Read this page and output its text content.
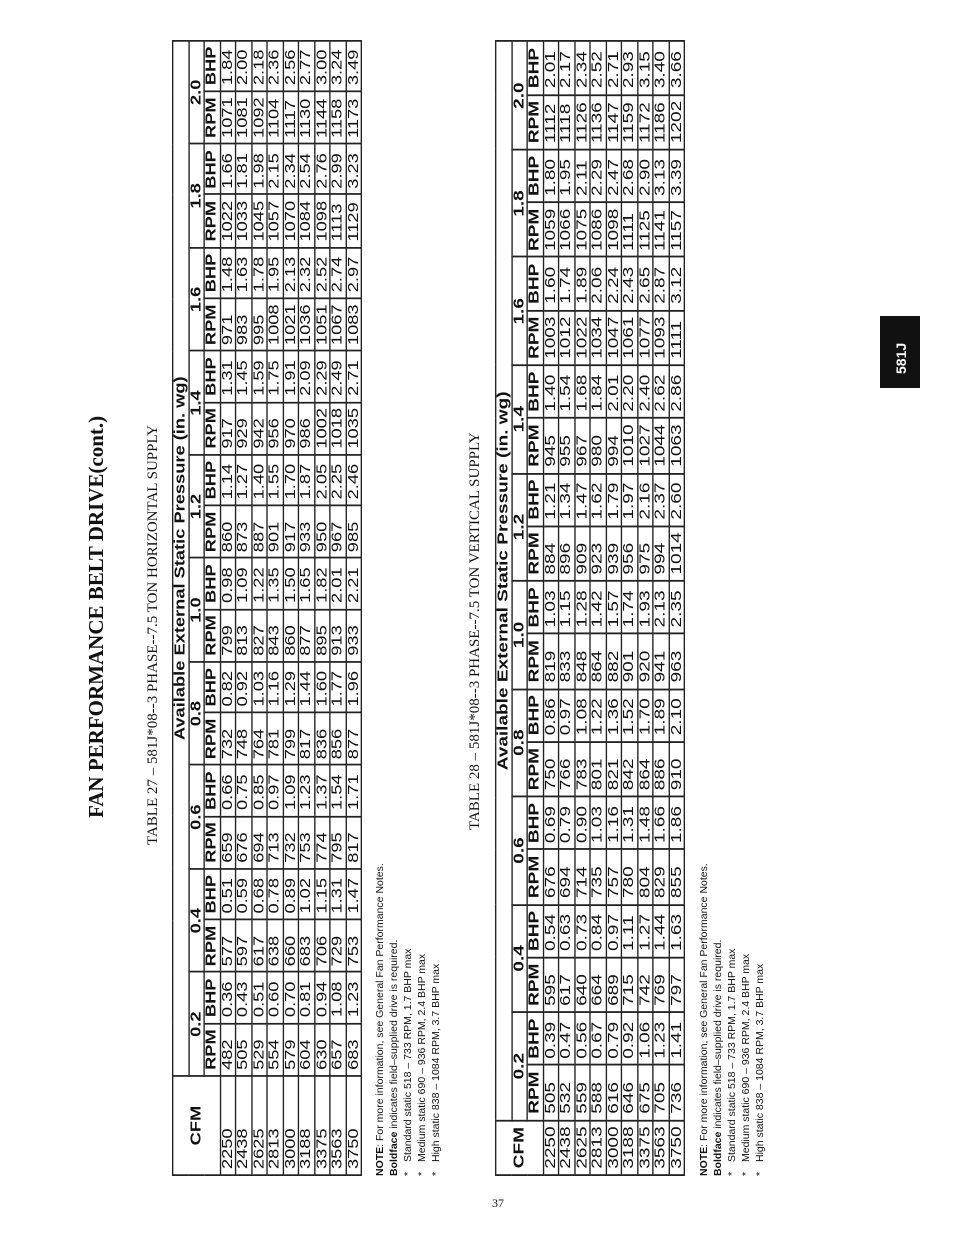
FAN PERFORMANCE BELT DRIVE(cont.) TABLE 27 – 581J*08--3 PHASE--7.5 TON HORIZONTAL SUPPLY
CFM	Available External Static Pressure (in. wg)																			
	0.2		0.4		0.6		0.8		1.0		1.2		1.4		1.6		1.8		2.0	
	RPM	BHP	RPM	BHP	RPM	BHP	RPM	BHP	RPM	BHP	RPM	BHP	RPM	BHP	RPM	BHP	RPM	BHP	RPM	BHP
2250	482	0.36	577	0.51	659	0.66	732	0.82	799	0.98	860	1.14	917	1.31	971	1.48	1022	1.66	1071	1.84
2438	505	0.43	597	0.59	676	0.75	748	0.92	813	1.09	873	1.27	929	1.45	983	1.63	1033	1.81	1081	2.00
2625	529	0.51	617	0.68	694	0.85	764	1.03	827	1.22	887	1.40	942	1.59	995	1.78	1045	1.98	1092	2.18
2813	554	0.60	638	0.78	713	0.97	781	1.16	843	1.35	901	1.55	956	1.75	1008	1.95	1057	2.15	1104	2.36
3000	579	0.70	660	0.89	732	1.09	799	1.29	860	1.50	917	1.70	970	1.91	1021	2.13	1070	2.34	1117	2.56
3188	604	0.81	683	1.02	753	1.23	817	1.44	877	1.65	933	1.87	986	2.09	1036	2.32	1084	2.54	1130	2.77
3375	630	0.94	706	1.15	774	1.37	836	1.60	895	1.82	950	2.05	1002	2.29	1051	2.52	1098	2.76	1144	3.00
3563	657	1.08	729	1.31	795	1.54	856	1.77	913	2.01	967	2.25	1018	2.49	1067	2.74	1113	2.99	1158	3.24
3750	683	1.23	753	1.47	817	1.71	877	1.96	933	2.21	985	2.46	1035	2.71	1083	2.97	1129	3.23	1173	3.49
NOTE: For more information, see General Fan Performance Notes.
Boldface indicates field–supplied drive is required.
*Standard static 518 – 733 RPM, 1.7 BHP max
*Medium static 690 – 936 RPM, 2.4 BHP max
*High static 838 – 1084 RPM, 3.7 BHP max
TABLE 28 – 581J*08--3 PHASE--7.5 TON VERTICAL SUPPLY
CFM	Available External Static Pressure (in. wg)																			
	0.2		0.4		0.6		0.8		1.0		1.2		1.4		1.6		1.8		2.0	
	RPM	BHP	RPM	BHP	RPM	BHP	RPM	BHP	RPM	BHP	RPM	BHP	RPM	BHP	RPM	BHP	RPM	BHP	RPM	BHP
2250	505	0.39	595	0.54	676	0.69	750	0.86	819	1.03	884	1.21	945	1.40	1003	1.60	1059	1.80	1112	2.01
2438	532	0.47	617	0.63	694	0.79	766	0.97	833	1.15	896	1.34	955	1.54	1012	1.74	1066	1.95	1118	2.17
2625	559	0.56	640	0.73	714	0.90	783	1.08	848	1.28	909	1.47	967	1.68	1022	1.89	1075	2.11	1126	2.34
2813	588	0.67	664	0.84	735	1.03	801	1.22	864	1.42	923	1.62	980	1.84	1034	2.06	1086	2.29	1136	2.52
3000	616	0.79	689	0.97	757	1.16	821	1.36	882	1.57	939	1.79	994	2.01	1047	2.24	1098	2.47	1147	2.71
3188	646	0.92	715	1.11	780	1.31	842	1.52	901	1.74	956	1.97	1010	2.20	1061	2.43	1111	2.68	1159	2.93
3375	675	1.06	742	1.27	804	1.48	864	1.70	920	1.93	975	2.16	1027	2.40	1077	2.65	1125	2.90	1172	3.15
3563	705	1.23	769	1.44	829	1.66	886	1.89	941	2.13	994	2.37	1044	2.62	1093	2.87	1141	3.13	1186	3.40
3750	736	1.41	797	1.63	855	1.86	910	2.10	963	2.35	1014	2.60	1063	2.86	1111	3.12	1157	3.39	1202	3.66
NOTE: For more information, see General Fan Performance Notes.
Boldface indicates field–supplied drive is required.
*Standard static 518 – 733 RPM, 1.7 BHP max
*Medium static 690 – 936 RPM, 2.4 BHP max
*High static 838 – 1084 RPM, 3.7 BHP max
37
581J
